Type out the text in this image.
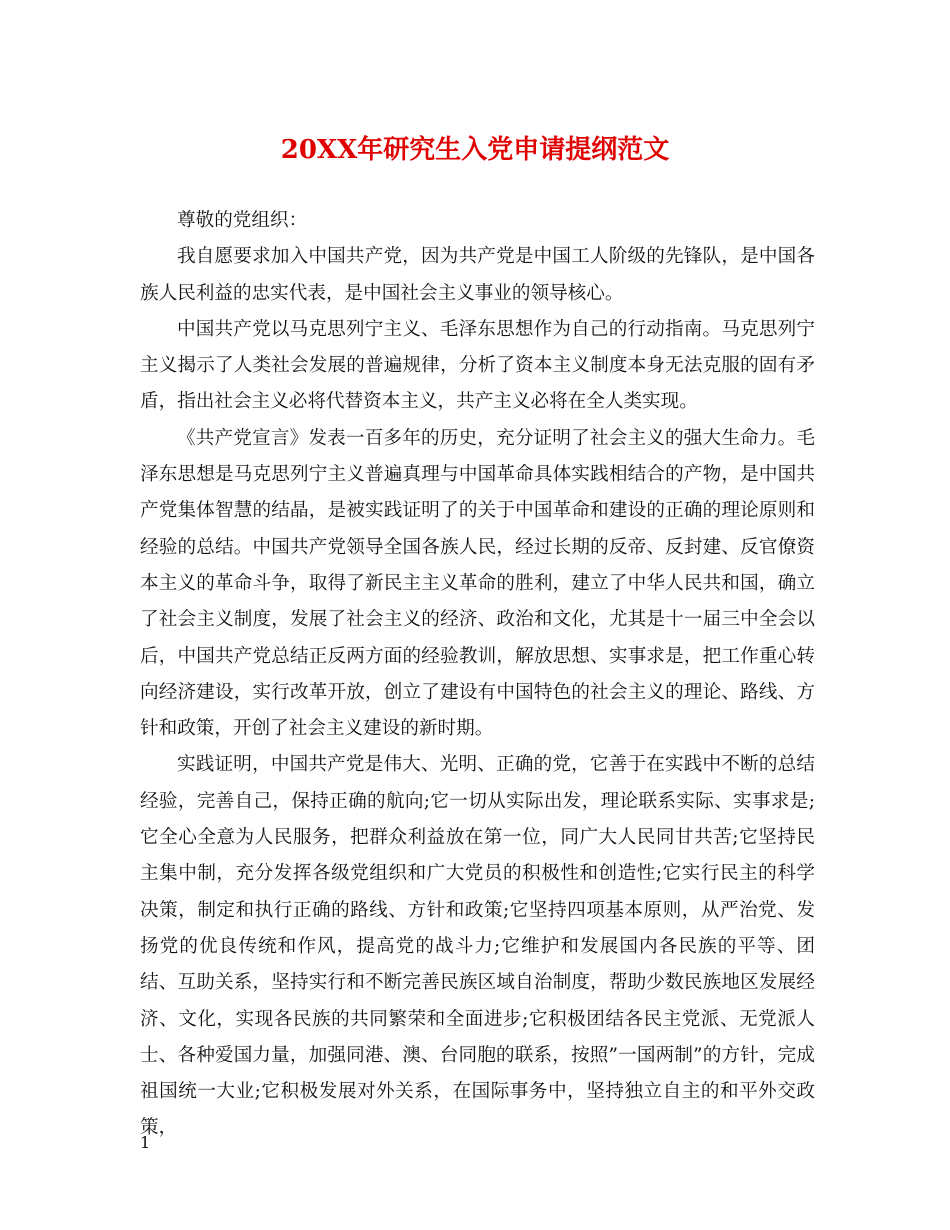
20XX年研究生入党申请提纲范文

尊敬的党组织：

我自愿要求加入中国共产党，因为共产党是中国工人阶级的先锋队，是中国各族人民利益的忠实代表，是中国社会主义事业的领导核心。

中国共产党以马克思列宁主义、毛泽东思想作为自己的行动指南。马克思列宁主义揭示了人类社会发展的普遍规律，分析了资本主义制度本身无法克服的固有矛盾，指出社会主义必将代替资本主义，共产主义必将在全人类实现。

《共产党宣言》发表一百多年的历史，充分证明了社会主义的强大生命力。毛泽东思想是马克思列宁主义普遍真理与中国革命具体实践相结合的产物，是中国共产党集体智慧的结晶，是被实践证明了的关于中国革命和建设的正确的理论原则和经验的总结。中国共产党领导全国各族人民，经过长期的反帝、反封建、反官僚资本主义的革命斗争，取得了新民主主义革命的胜利，建立了中华人民共和国，确立了社会主义制度，发展了社会主义的经济、政治和文化，尤其是十一届三中全会以后，中国共产党总结正反两方面的经验教训，解放思想、实事求是，把工作重心转向经济建设，实行改革开放，创立了建设有中国特色的社会主义的理论、路线、方针和政策，开创了社会主义建设的新时期。

实践证明，中国共产党是伟大、光明、正确的党，它善于在实践中不断的总结经验，完善自己，保持正确的航向;它一切从实际出发，理论联系实际、实事求是;它全心全意为人民服务，把群众利益放在第一位，同广大人民同甘共苦;它坚持民主集中制，充分发挥各级党组织和广大党员的积极性和创造性;它实行民主的科学决策，制定和执行正确的路线、方针和政策;它坚持四项基本原则，从严治党、发扬党的优良传统和作风，提高党的战斗力;它维护和发展国内各民族的平等、团结、互助关系，坚持实行和不断完善民族区域自治制度，帮助少数民族地区发展经济、文化，实现各民族的共同繁荣和全面进步;它积极团结各民主党派、无党派人士、各种爱国力量，加强同港、澳、台同胞的联系，按照”一国两制”的方针，完成祖国统一大业;它积极发展对外关系，在国际事务中，坚持独立自主的和平外交政策，

1
